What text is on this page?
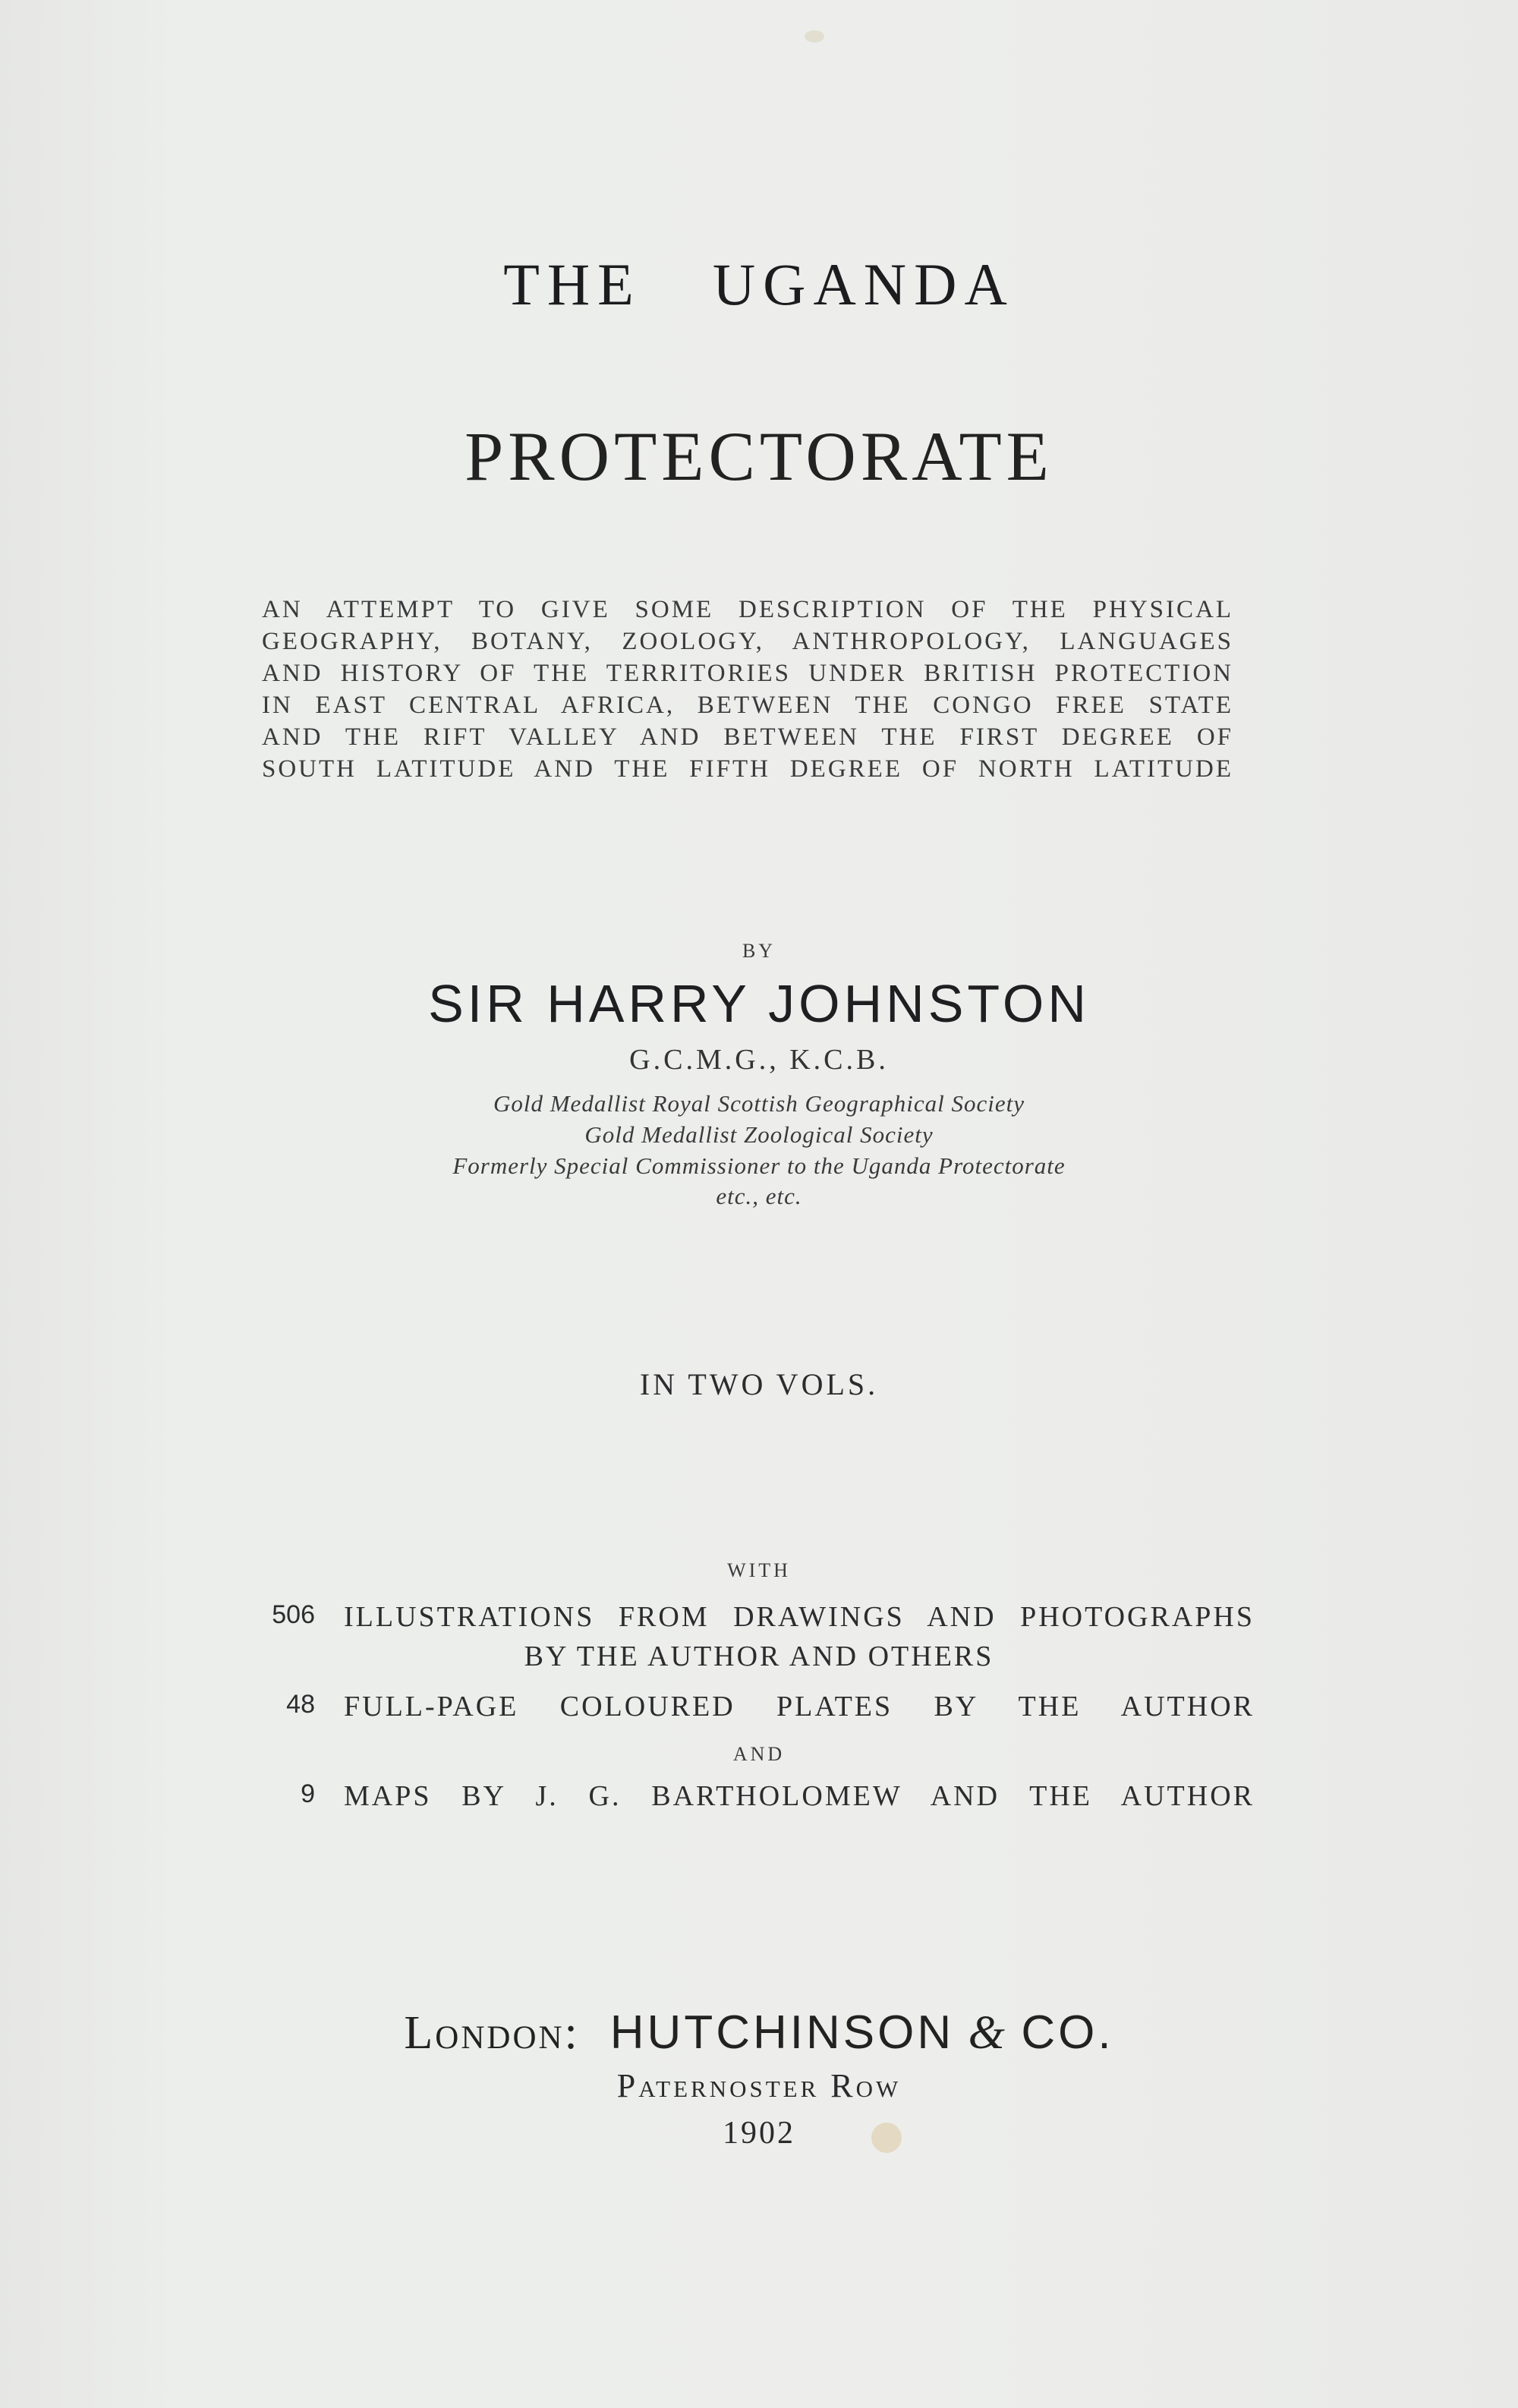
the uganda
PROTECTORATE
AN ATTEMPT TO GIVE SOME DESCRIPTION OF THE PHYSICAL
GEOGRAPHY, BOTANY, ZOOLOGY, ANTHROPOLOGY, LANGUAGES
AND HISTORY OF THE TERRITORIES UNDER BRITISH PROTECTION
IN EAST CENTRAL AFRICA, BETWEEN THE CONGO FREE STATE
AND THE RIFT VALLEY AND BETWEEN THE FIRST DEGREE OF
SOUTH LATITUDE AND THE FIFTH DEGREE OF NORTH LATITUDE
BY
SIR HARRY JOHNSTON
G.C.M.G., K.C.B.
Gold Medallist Royal Scottish Geographical Society
Gold Medallist Zoological Society
Formerly Special Commissioner to the Uganda Protectorate
etc., etc.
IN TWO VOLS.
WITH
506 ILLUSTRATIONS FROM DRAWINGS AND PHOTOGRAPHS
BY THE AUTHOR AND OTHERS
48 FULL-PAGE COLOURED PLATES BY THE AUTHOR
AND
9 MAPS BY J. G. BARTHOLOMEW AND THE AUTHOR
London: HUTCHINSON & CO.
Paternoster Row
1902
